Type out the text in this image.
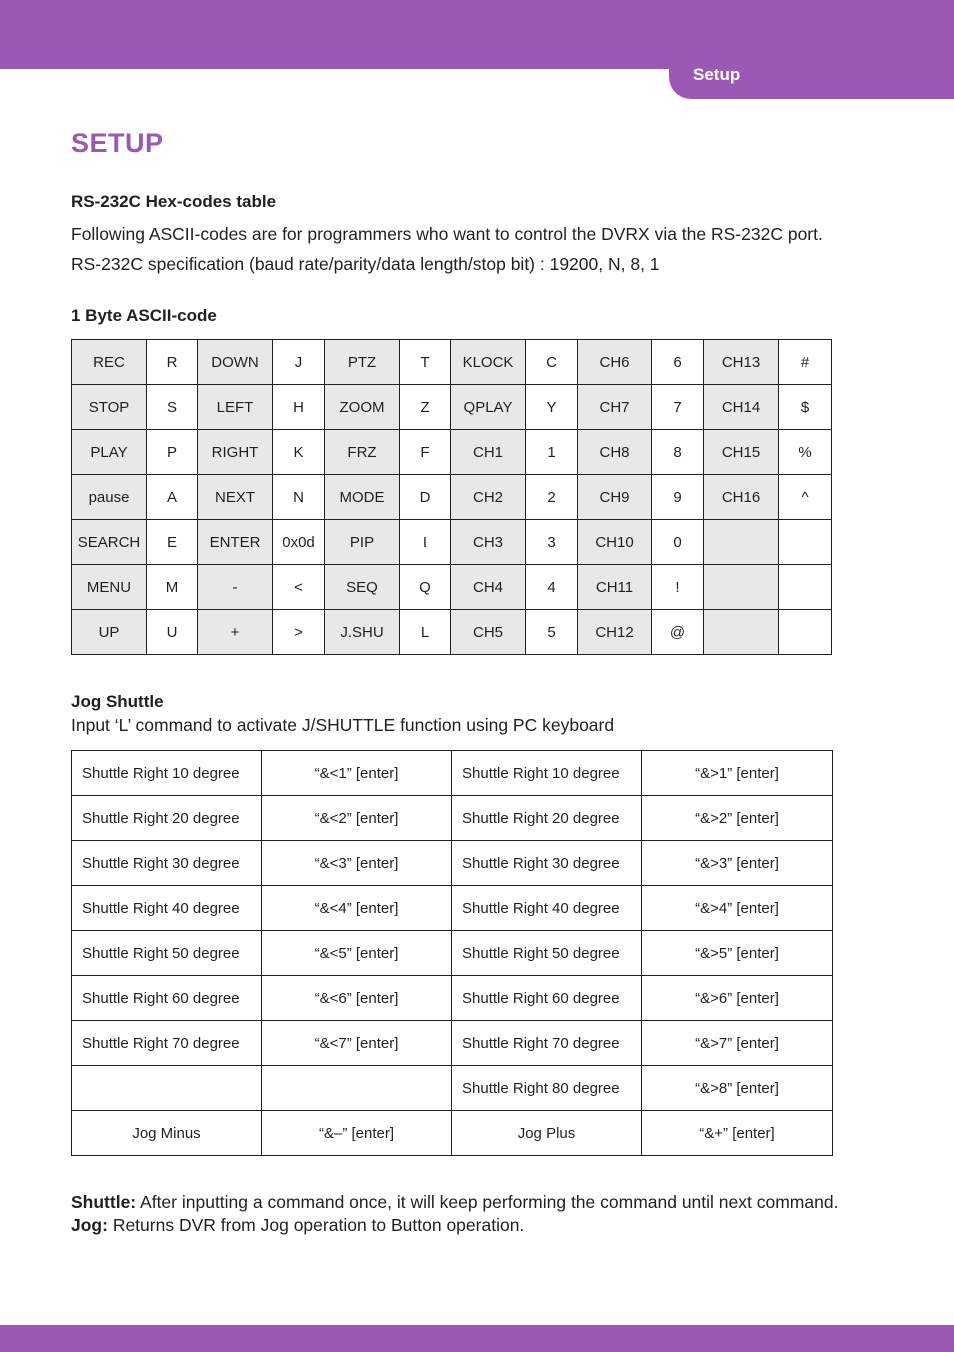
Setup
SETUP

RS-232C Hex-codes table

Following ASCII-codes are for programmers who want to control the DVRX via the RS-232C port.

RS-232C specification (baud rate/parity/data length/stop bit) : 19200, N, 8, 1

1 Byte ASCII-code

REC	R	DOWN	J	PTZ	T	KLOCK	C	CH6	6	CH13	#
STOP	S	LEFT	H	ZOOM	Z	QPLAY	Y	CH7	7	CH14	$
PLAY	P	RIGHT	K	FRZ	F	CH1	1	CH8	8	CH15	%
pause	A	NEXT	N	MODE	D	CH2	2	CH9	9	CH16	^
SEARCH	E	ENTER	0x0d	PIP	I	CH3	3	CH10	0		
MENU	M	-	<	SEQ	Q	CH4	4	CH11	!		
UP	U	+	>	J.SHU	L	CH5	5	CH12	@		

Jog Shuttle

Input ‘L’ command to activate J/SHUTTLE function using PC keyboard

Shuttle Right 10 degree	“&<1” [enter]	Shuttle Right 10 degree	“&>1” [enter]
Shuttle Right 20 degree	“&<2” [enter]	Shuttle Right 20 degree	“&>2” [enter]
Shuttle Right 30 degree	“&<3” [enter]	Shuttle Right 30 degree	“&>3” [enter]
Shuttle Right 40 degree	“&<4” [enter]	Shuttle Right 40 degree	“&>4” [enter]
Shuttle Right 50 degree	“&<5” [enter]	Shuttle Right 50 degree	“&>5” [enter]
Shuttle Right 60 degree	“&<6” [enter]	Shuttle Right 60 degree	“&>6” [enter]
Shuttle Right 70 degree	“&<7” [enter]	Shuttle Right 70 degree	“&>7” [enter]
		Shuttle Right 80 degree	“&>8” [enter]
Jog Minus	“&–” [enter]	Jog Plus	“&+” [enter]

Shuttle: After inputting a command once, it will keep performing the command until next command.

Jog: Returns DVR from Jog operation to Button operation.
